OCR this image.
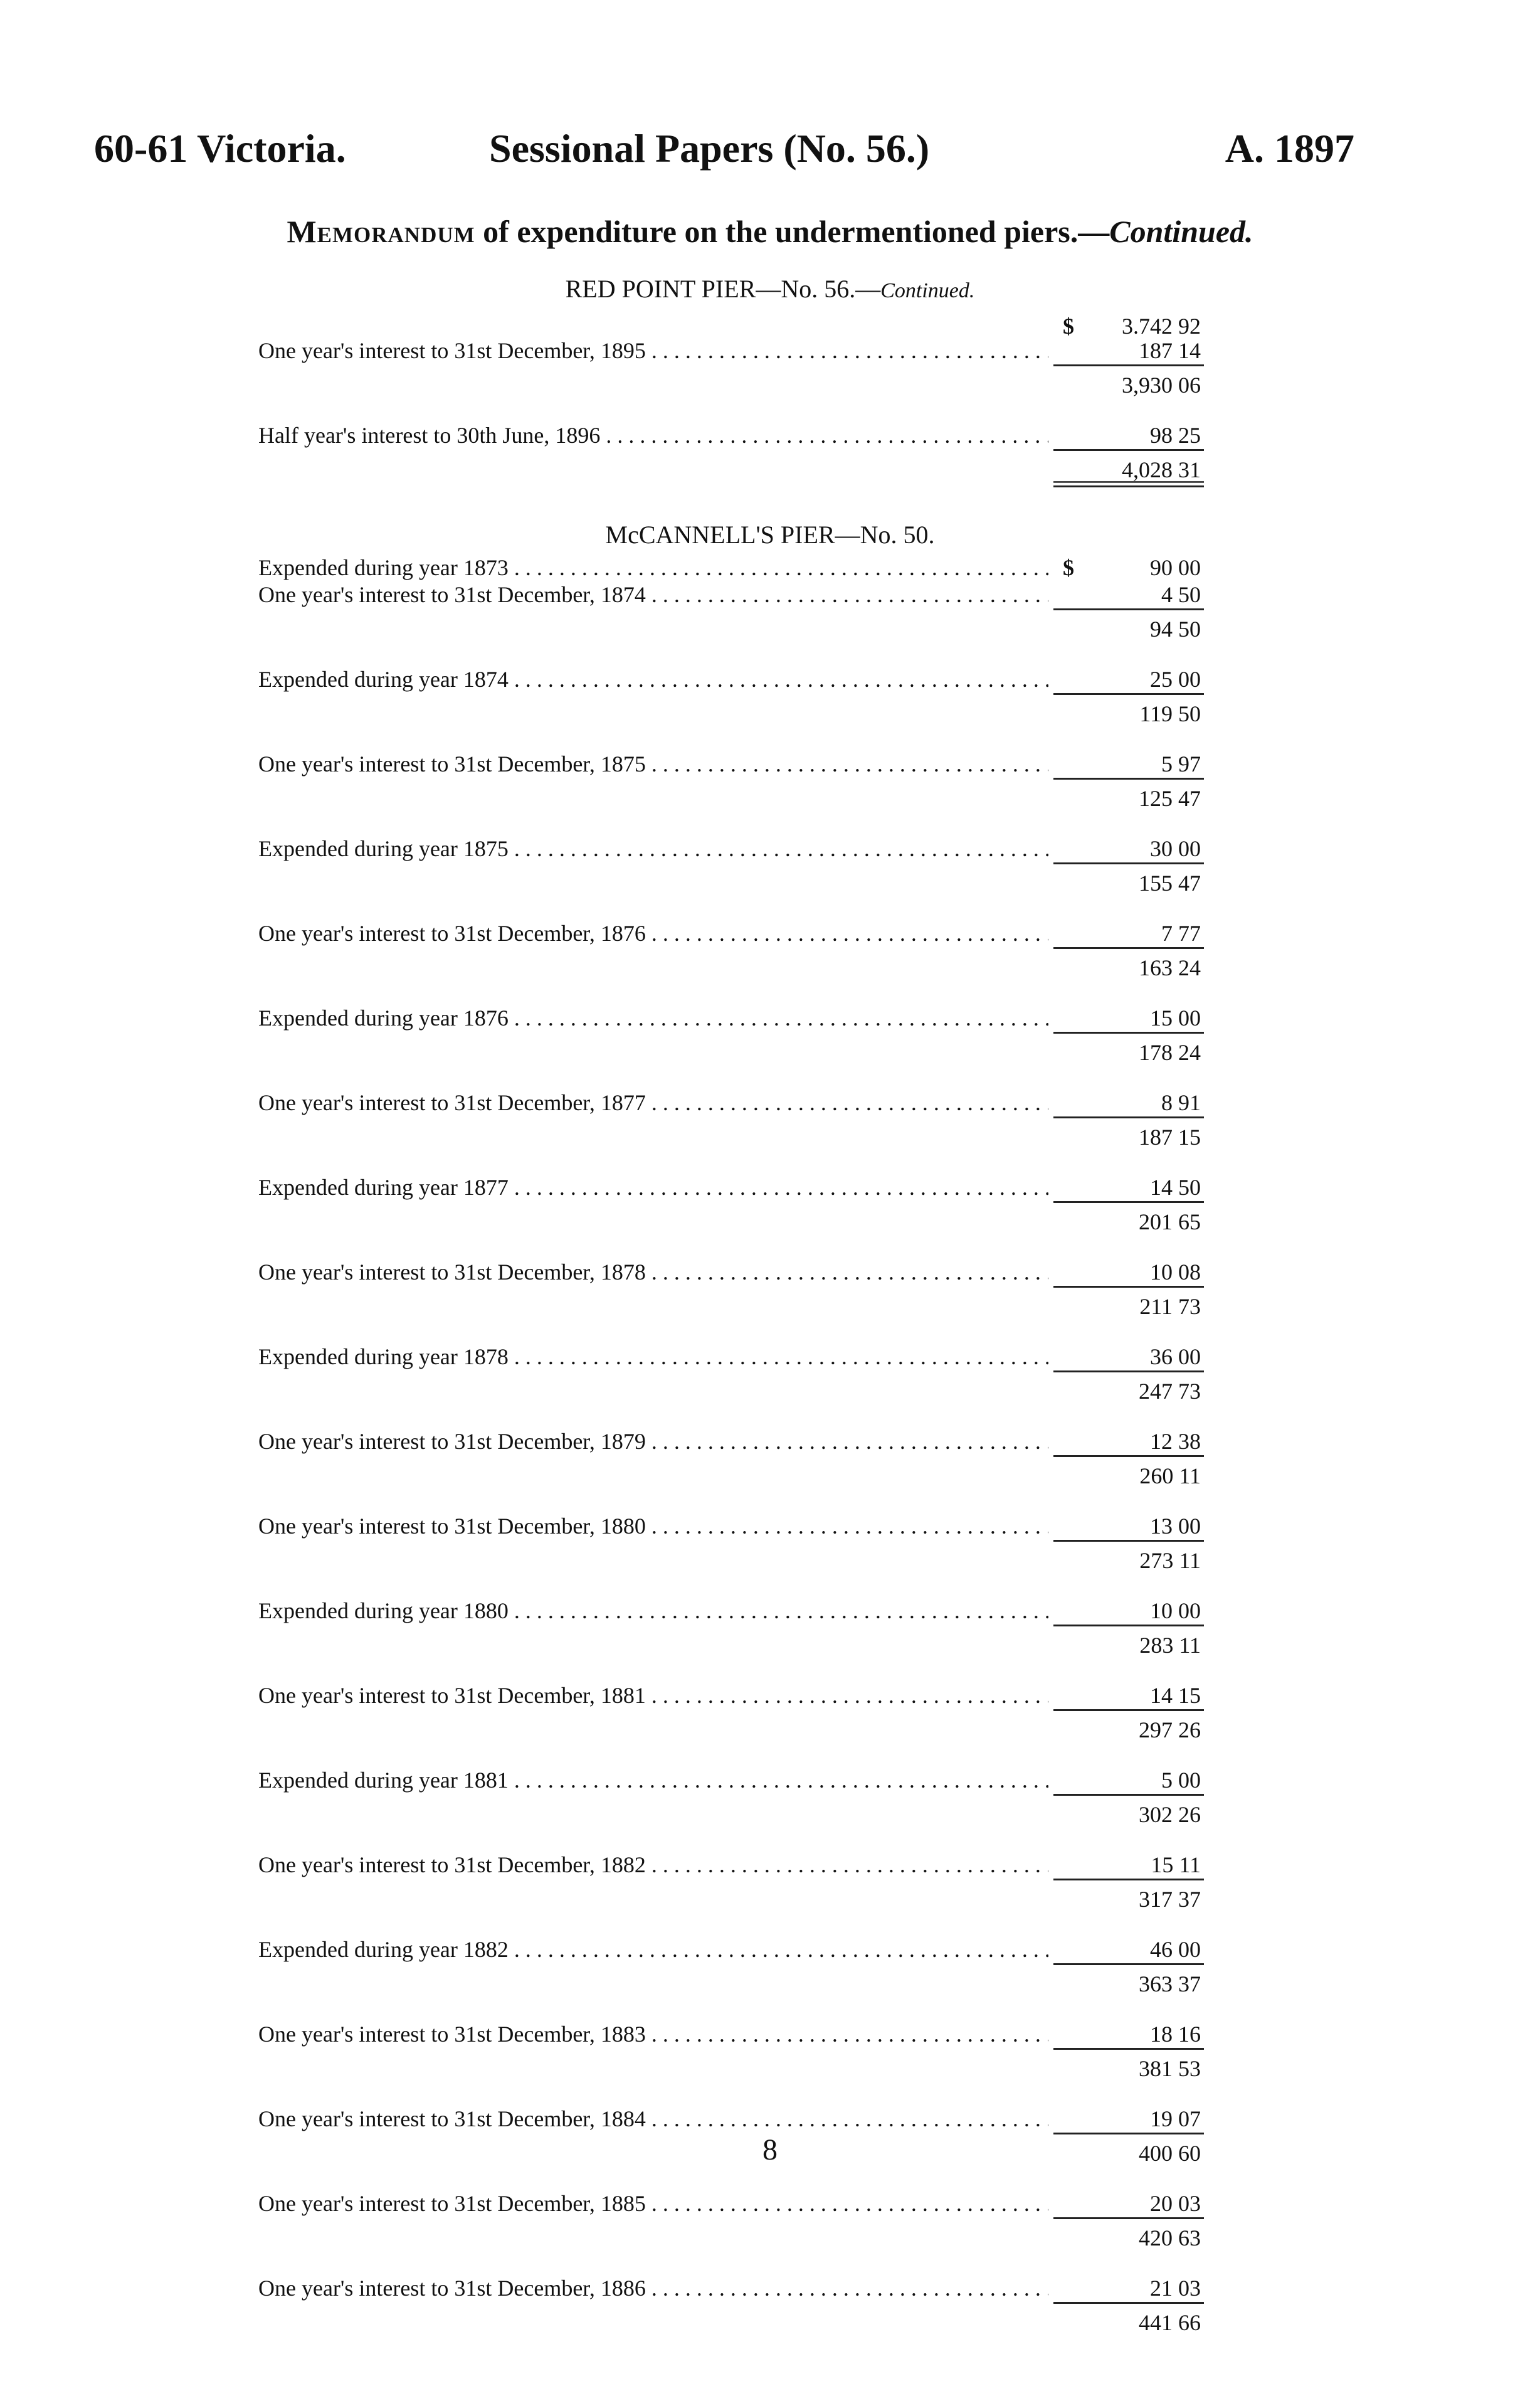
60-61 Victoria.	Sessional Papers (No. 56.)	A. 1897
Memorandum of expenditure on the undermentioned piers.—Continued.
RED POINT PIER—No. 56.—Continued.
$	3.742 92
One year's interest to 31st December, 1895 . . .	187 14
3,930 06
Half year's interest to 30th June, 1896 . . .	98 25
4,028 31
McCANNELL'S PIER—No. 50.
Expended during year 1873 . . .	$	90 00
One year's interest to 31st December, 1874 . . .	4 50
94 50
Expended during year 1874 . . .	25 00
119 50
One year's interest to 31st December, 1875 . . .	5 97
125 47
Expended during year 1875 . . .	30 00
155 47
One year's interest to 31st December, 1876 . . .	7 77
163 24
Expended during year 1876 . . .	15 00
178 24
One year's interest to 31st December, 1877 . . .	8 91
187 15
Expended during year 1877 . . .	14 50
201 65
One year's interest to 31st December, 1878 . . .	10 08
211 73
Expended during year 1878 . . .	36 00
247 73
One year's interest to 31st December, 1879 . . .	12 38
260 11
One year's interest to 31st December, 1880 . . .	13 00
273 11
Expended during year 1880 . . .	10 00
283 11
One year's interest to 31st December, 1881 . . .	14 15
297 26
Expended during year 1881 . . .	5 00
302 26
One year's interest to 31st December, 1882 . . .	15 11
317 37
Expended during year 1882 . . .	46 00
363 37
One year's interest to 31st December, 1883 . . .	18 16
381 53
One year's interest to 31st December, 1884 . . .	19 07
400 60
One year's interest to 31st December, 1885 . . .	20 03
420 63
One year's interest to 31st December, 1886 . . .	21 03
441 66
8
